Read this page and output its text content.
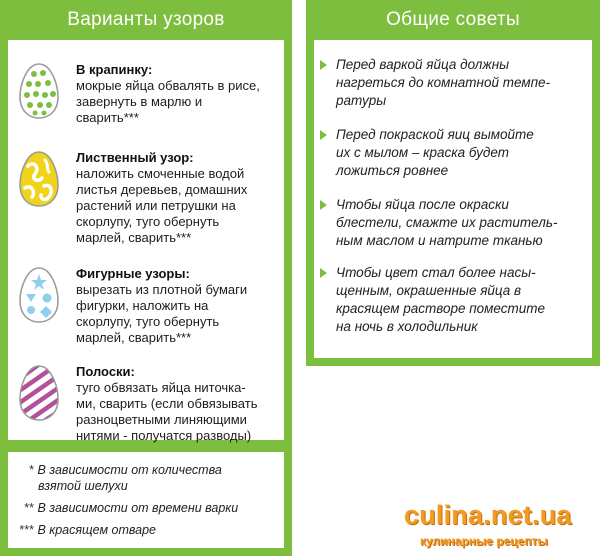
Варианты узоров
В крапинку:
мокрые яйца обвалять в рисе,
завернуть в марлю и
сварить***
Лиственный узор:
наложить смоченные водой
листья деревьев, домашних
растений или петрушки на
скорлупу, туго обернуть
марлей, сварить***
Фигурные узоры:
вырезать из плотной бумаги
фигурки, наложить на
скорлупу, туго обернуть
марлей, сварить***
Полоски:
туго обвязать яйца ниточка-
ми, сварить (если обвязывать
разноцветными линяющими
нитями - получатся разводы)
* В зависимости от количества
взятой шелухи
** В зависимости от времени варки
*** В красящем отваре
Общие советы
Перед варкой яйца должны
нагреться до комнатной темпе-
ратуры
Перед покраской яиц вымойте
их с мылом – краска будет
ложиться ровнее
Чтобы яйца после окраски
блестели, смажте их раститель-
ным маслом и натрите тканью
Чтобы цвет стал более насы-
щенным, окрашенные яйца в
красящем растворе поместите
на ночь в холодильник
culina.net.ua
кулинарные рецепты
